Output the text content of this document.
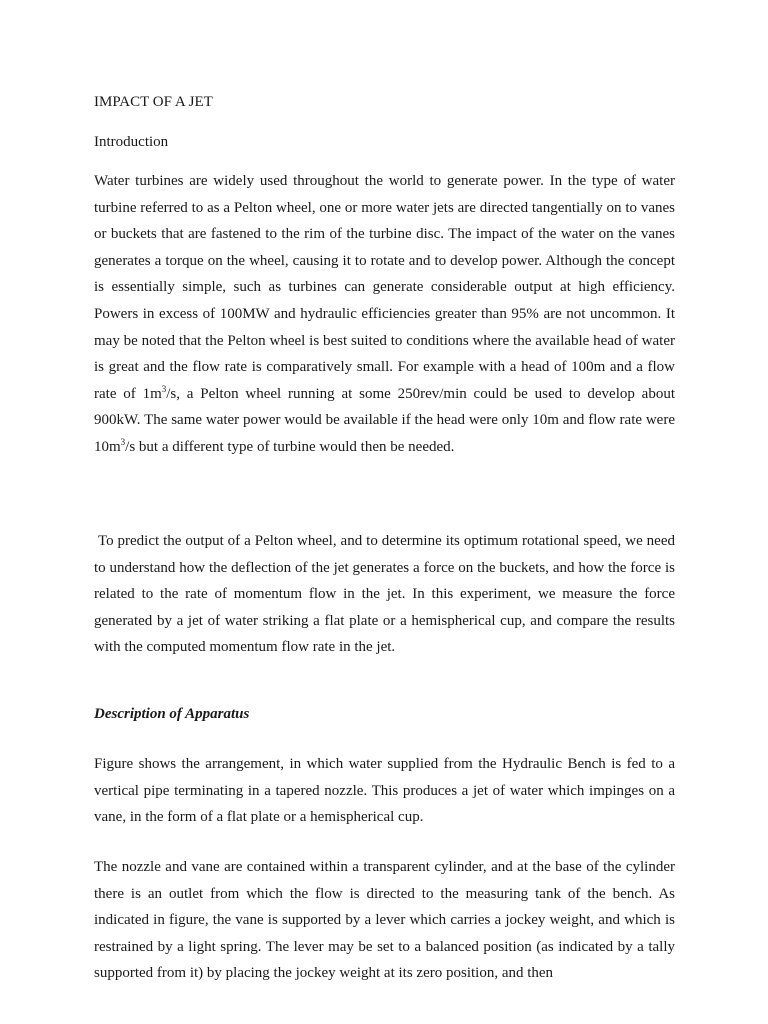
IMPACT OF A JET

Introduction

Water turbines are widely used throughout the world to generate power. In the type of water turbine referred to as a Pelton wheel, one or more water jets are directed tangentially on to vanes or buckets that are fastened to the rim of the turbine disc. The impact of the water on the vanes generates a torque on the wheel, causing it to rotate and to develop power. Although the concept is essentially simple, such as turbines can generate considerable output at high efficiency. Powers in excess of 100MW and hydraulic efficiencies greater than 95% are not uncommon. It may be noted that the Pelton wheel is best suited to conditions where the available head of water is great and the flow rate is comparatively small. For example with a head of 100m and a flow rate of $1m^3/s$, a Pelton wheel running at some 250rev/min could be used to develop about 900kW. The same water power would be available if the head were only 10m and flow rate were $10m^3/s$ but a different type of turbine would then be needed.

To predict the output of a Pelton wheel, and to determine its optimum rotational speed, we need to understand how the deflection of the jet generates a force on the buckets, and how the force is related to the rate of momentum flow in the jet. In this experiment, we measure the force generated by a jet of water striking a flat plate or a hemispherical cup, and compare the results with the computed momentum flow rate in the jet.

Description of Apparatus

Figure shows the arrangement, in which water supplied from the Hydraulic Bench is fed to a vertical pipe terminating in a tapered nozzle. This produces a jet of water which impinges on a vane, in the form of a flat plate or a hemispherical cup.

The nozzle and vane are contained within a transparent cylinder, and at the base of the cylinder there is an outlet from which the flow is directed to the measuring tank of the bench. As indicated in figure, the vane is supported by a lever which carries a jockey weight, and which is restrained by a light spring. The lever may be set to a balanced position (as indicated by a tally supported from it) by placing the jockey weight at its zero position, and then
